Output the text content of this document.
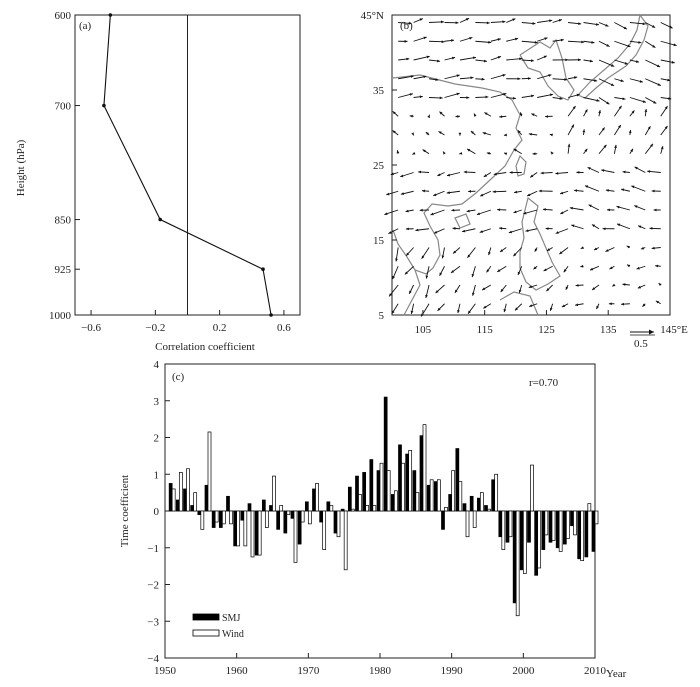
(a)
Correlation coefficient
Height (hPa)
600
700
850
925
1000
−0.6	−0.2	0.2	0.6
45°N
35
25
15
5
105	115	125	135	145°E
(b)
0.5
(c)	r=0.70
Time coefficient
Year
4
3
2
1
0
−1
−2
−3
−4
1950	1960	1970	1980	1990	2000	2010
SMJ
Wind
